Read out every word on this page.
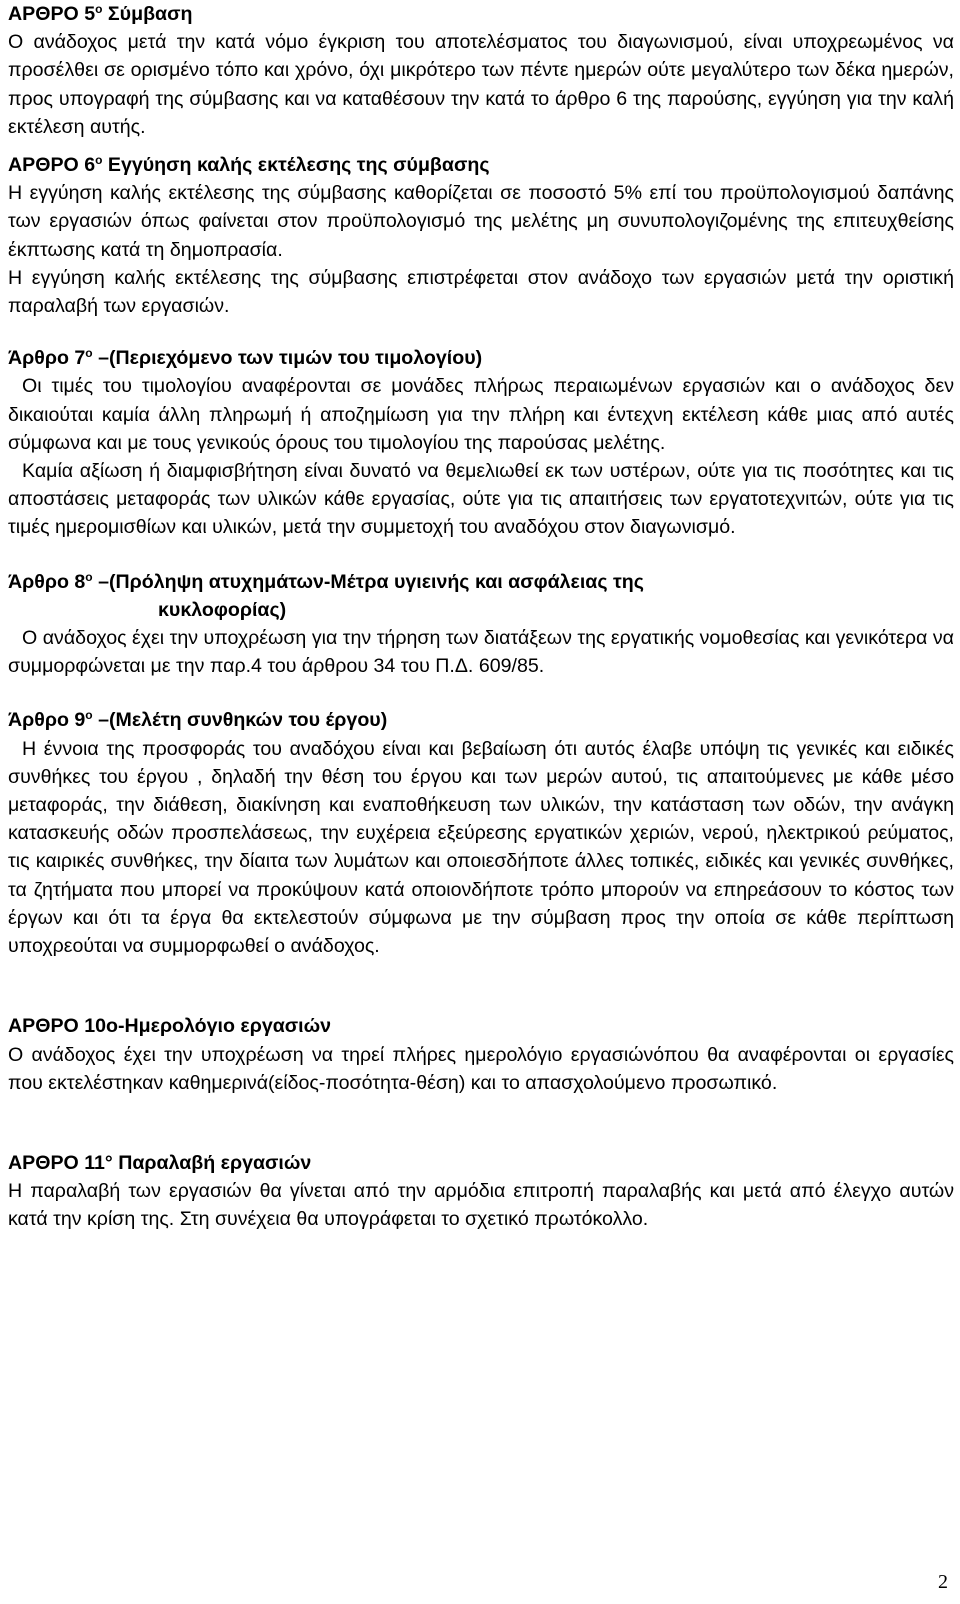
ΑΡΘΡΟ $5^o$ Σύμβαση

Ο ανάδοχος μετά την κατά νόμο έγκριση του αποτελέσματος του διαγωνισμού, είναι υποχρεωμένος να προσέλθει σε ορισμένο τόπο και χρόνο, όχι μικρότερο των πέντε ημερών ούτε μεγαλύτερο των δέκα ημερών, προς υπογραφή της σύμβασης και να καταθέσουν την κατά το άρθρο 6 της παρούσης, εγγύηση για την καλή εκτέλεση αυτής.

ΑΡΘΡΟ $6^o$ Εγγύηση καλής εκτέλεσης της σύμβασης

Η εγγύηση καλής εκτέλεσης της σύμβασης καθορίζεται σε ποσοστό 5% επί του προϋπολογισμού δαπάνης των εργασιών όπως φαίνεται στον προϋπολογισμό της μελέτης μη συνυπολογιζομένης της επιτευχθείσης έκπτωσης κατά τη δημοπρασία.

Η εγγύηση καλής εκτέλεσης της σύμβασης επιστρέφεται στον ανάδοχο των εργασιών μετά την οριστική παραλαβή των εργασιών.

Άρθρο $7^o$ –(Περιεχόμενο των τιμών του τιμολογίου)

Οι τιμές του τιμολογίου αναφέρονται σε μονάδες πλήρως περαιωμένων εργασιών και ο ανάδοχος δεν δικαιούται καμία άλλη πληρωμή ή αποζημίωση για την πλήρη και έντεχνη εκτέλεση κάθε μιας από αυτές σύμφωνα και με τους γενικούς όρους του τιμολογίου της παρούσας μελέτης.

Καμία αξίωση ή διαμφισβήτηση είναι δυνατό να θεμελιωθεί εκ των υστέρων, ούτε για τις ποσότητες και τις αποστάσεις μεταφοράς των υλικών κάθε εργασίας, ούτε για τις απαιτήσεις των εργατοτεχνιτών, ούτε για τις τιμές ημερομισθίων και υλικών, μετά την συμμετοχή του αναδόχου στον διαγωνισμό.

Άρθρο $8^o$ –(Πρόληψη ατυχημάτων-Μέτρα υγιεινής και ασφάλειας της
κυκλοφορίας)

Ο ανάδοχος έχει την υποχρέωση για την τήρηση των διατάξεων της εργατικής νομοθεσίας και γενικότερα να συμμορφώνεται με την παρ.4 του άρθρου 34 του Π.Δ. 609/85.

Άρθρο $9^o$ –(Μελέτη συνθηκών του έργου)

Η έννοια της προσφοράς του αναδόχου είναι και βεβαίωση ότι αυτός έλαβε υπόψη τις γενικές και ειδικές συνθήκες του έργου , δηλαδή την θέση του έργου και των μερών αυτού, τις απαιτούμενες με κάθε μέσο μεταφοράς, την διάθεση, διακίνηση και εναποθήκευση των υλικών, την κατάσταση των οδών, την ανάγκη κατασκευής οδών προσπελάσεως, την ευχέρεια εξεύρεσης εργατικών χεριών, νερού, ηλεκτρικού ρεύματος, τις καιρικές συνθήκες, την δίαιτα των λυμάτων και οποιεσδήποτε άλλες τοπικές, ειδικές και γενικές συνθήκες, τα ζητήματα που μπορεί να προκύψουν κατά οποιονδήποτε τρόπο μπορούν να επηρεάσουν το κόστος των έργων και ότι τα έργα θα εκτελεστούν σύμφωνα με την σύμβαση προς την οποία σε κάθε περίπτωση υποχρεούται να συμμορφωθεί ο ανάδοχος.

ΑΡΘΡΟ 10ο-Ημερολόγιο εργασιών

Ο ανάδοχος έχει την υποχρέωση να τηρεί πλήρες ημερολόγιο εργασιώνόπου θα αναφέρονται οι εργασίες που εκτελέστηκαν καθημερινά(είδος-ποσότητα-θέση) και το απασχολούμενο προσωπικό.

ΑΡΘΡΟ 11° Παραλαβή εργασιών

Η παραλαβή των εργασιών θα γίνεται από την αρμόδια επιτροπή παραλαβής και μετά από έλεγχο αυτών κατά την κρίση της. Στη συνέχεια θα υπογράφεται το σχετικό πρωτόκολλο.

2
